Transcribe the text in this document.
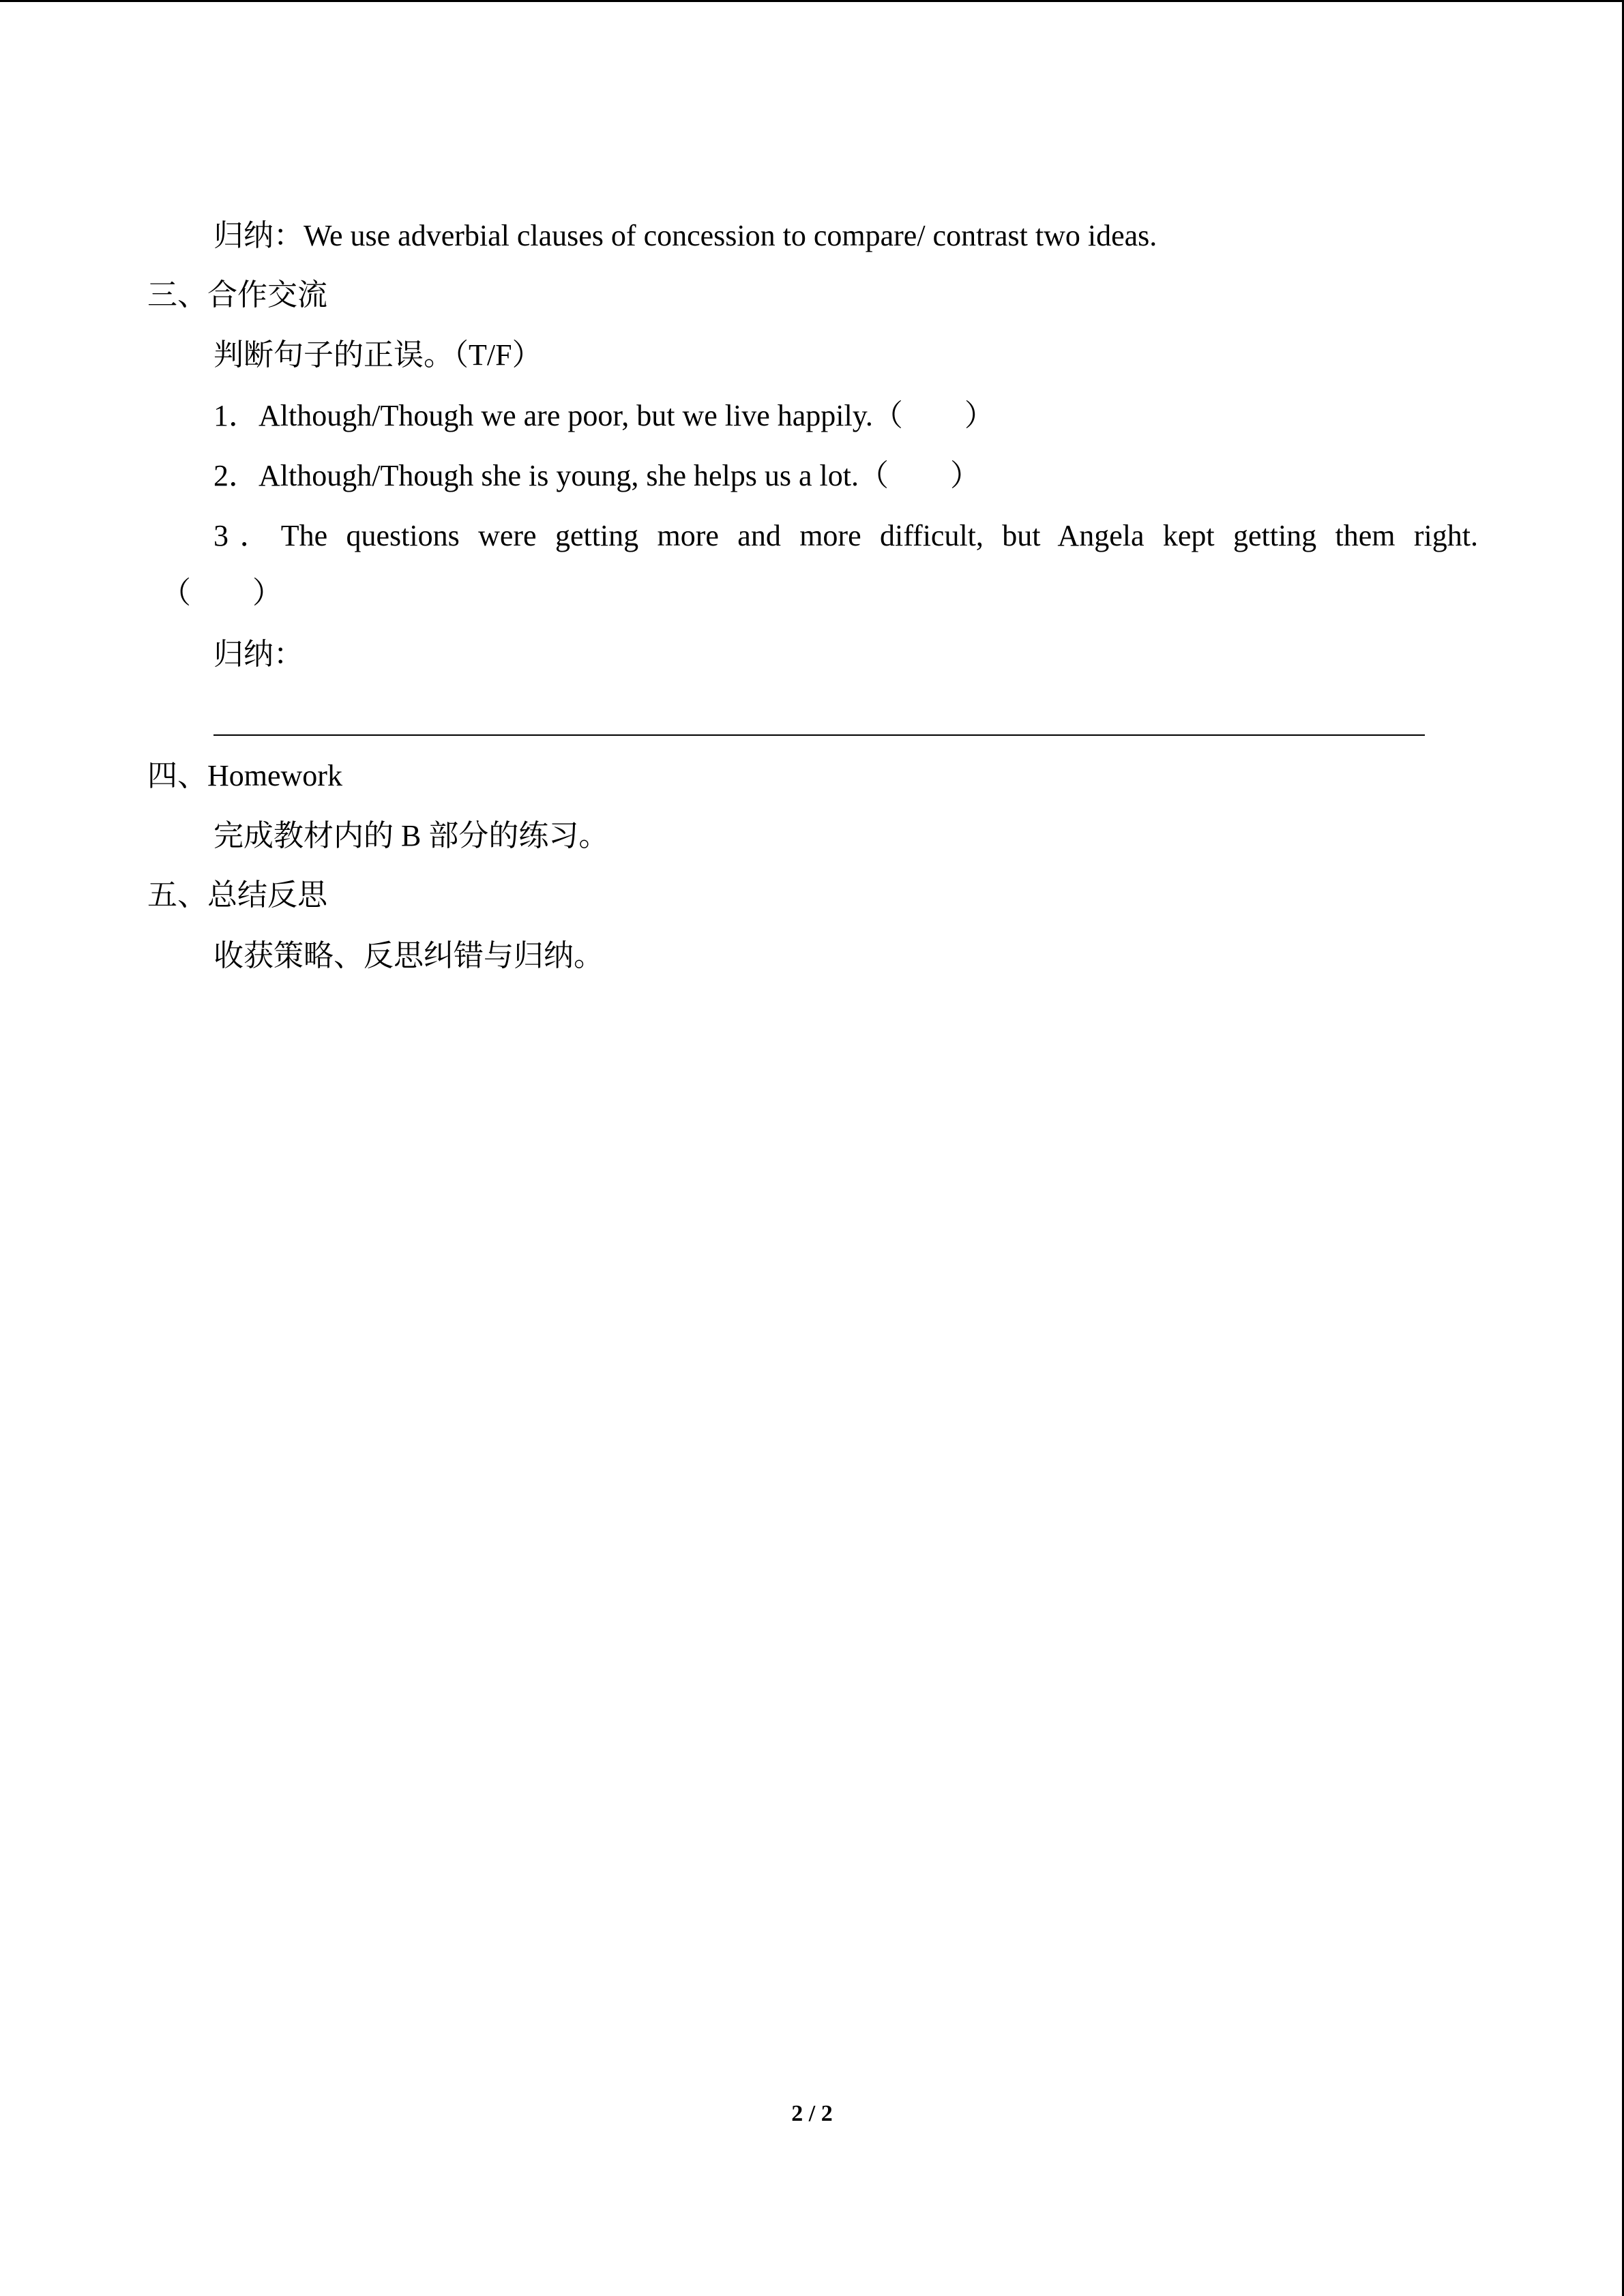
归纳：We use adverbial clauses of concession to compare/ contrast two ideas.
三、合作交流
判断句子的正误。（T/F）
1．Although/Though we are poor, but we live happily.（ ）
2．Although/Though she is young, she helps us a lot.（ ）
3．The questions were getting more and more difficult, but Angela kept getting them right.
（ ）
归纳：
四、Homework
完成教材内的 B 部分的练习。
五、总结反思
收获策略、反思纠错与归纳。
2 / 2
